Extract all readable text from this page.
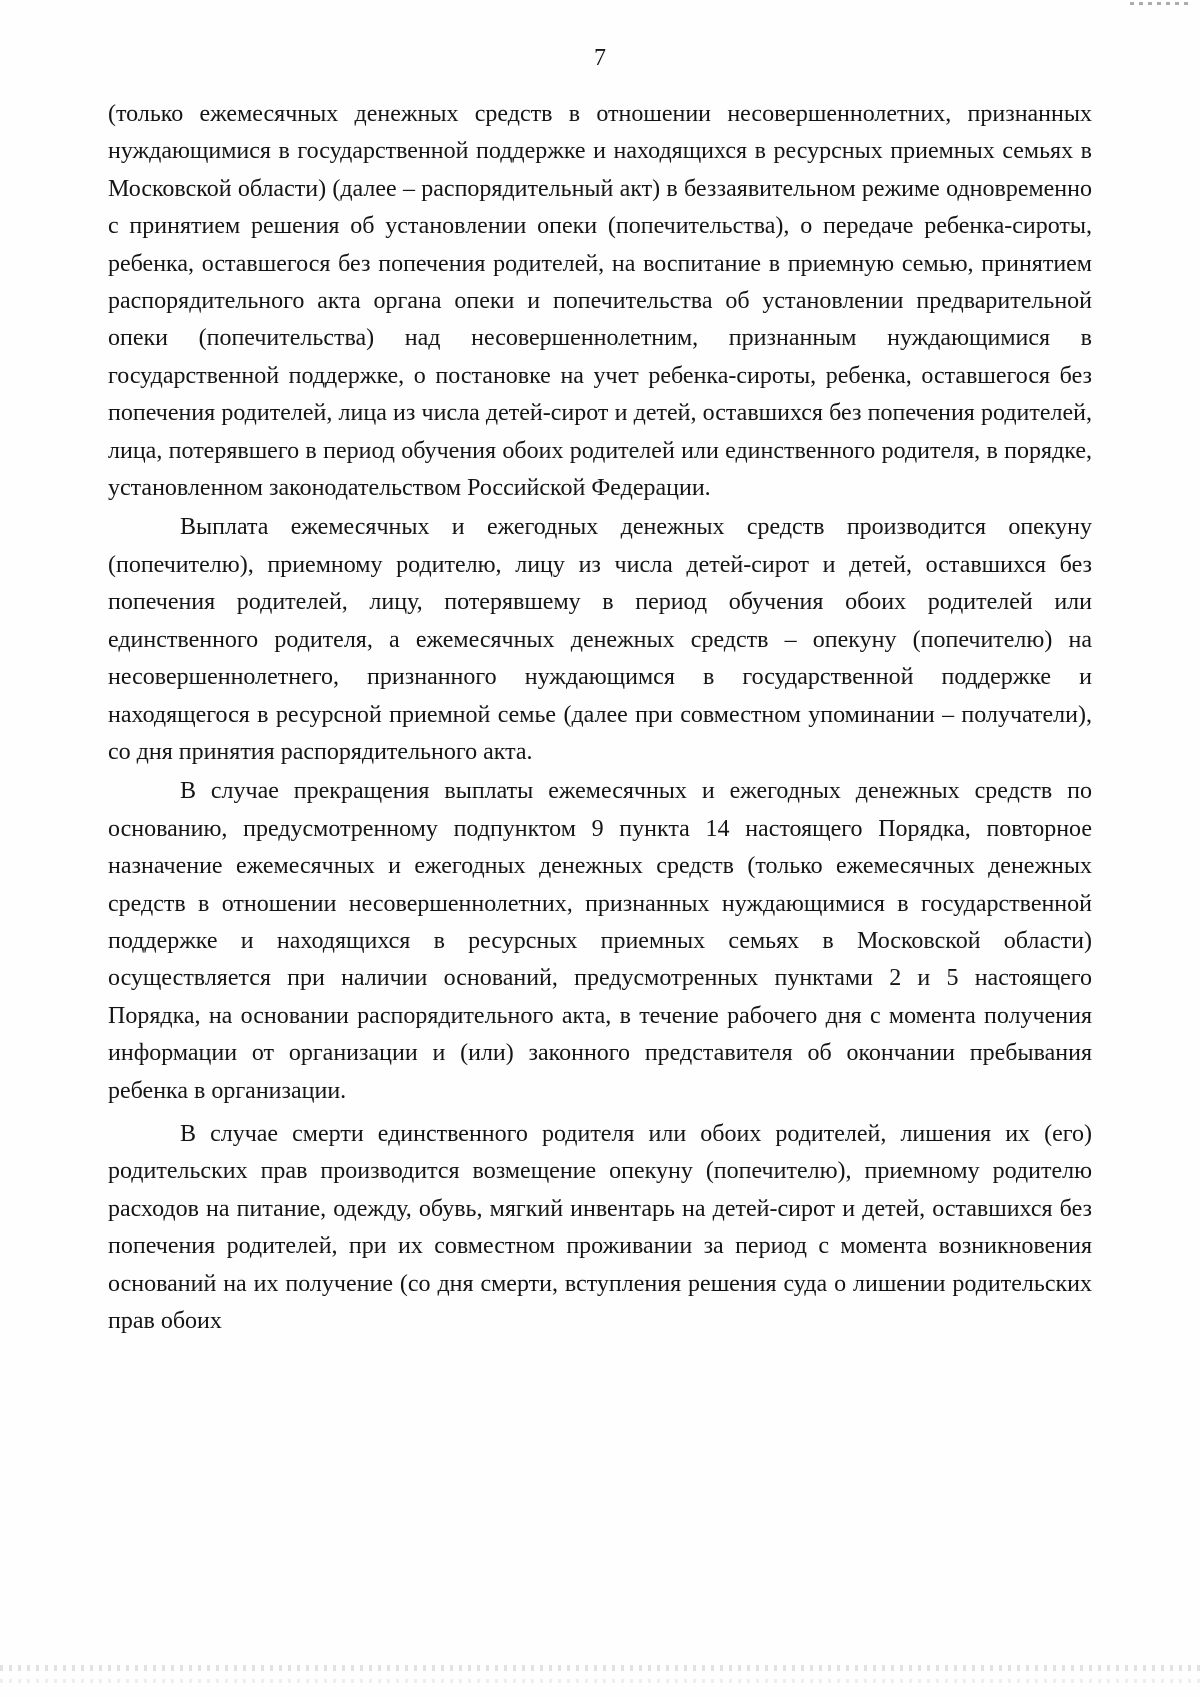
7

(только ежемесячных денежных средств в отношении несовершеннолетних, признанных нуждающимися в государственной поддержке и находящихся в ресурсных приемных семьях в Московской области) (далее – распорядительный акт) в беззаявительном режиме одновременно с принятием решения об установлении опеки (попечительства), о передаче ребенка-сироты, ребенка, оставшегося без попечения родителей, на воспитание в приемную семью, принятием распорядительного акта органа опеки и попечительства об установлении предварительной опеки (попечительства) над несовершеннолетним, признанным нуждающимися в государственной поддержке, о постановке на учет ребенка-сироты, ребенка, оставшегося без попечения родителей, лица из числа детей-сирот и детей, оставшихся без попечения родителей, лица, потерявшего в период обучения обоих родителей или единственного родителя, в порядке, установленном законодательством Российской Федерации.

Выплата ежемесячных и ежегодных денежных средств производится опекуну (попечителю), приемному родителю, лицу из числа детей-сирот и детей, оставшихся без попечения родителей, лицу, потерявшему в период обучения обоих родителей или единственного родителя, а ежемесячных денежных средств – опекуну (попечителю) на несовершеннолетнего, признанного нуждающимся в государственной поддержке и находящегося в ресурсной приемной семье (далее при совместном упоминании – получатели), со дня принятия распорядительного акта.

В случае прекращения выплаты ежемесячных и ежегодных денежных средств по основанию, предусмотренному подпунктом 9 пункта 14 настоящего Порядка, повторное назначение ежемесячных и ежегодных денежных средств (только ежемесячных денежных средств в отношении несовершеннолетних, признанных нуждающимися в государственной поддержке и находящихся в ресурсных приемных семьях в Московской области) осуществляется при наличии оснований, предусмотренных пунктами 2 и 5 настоящего Порядка, на основании распорядительного акта, в течение рабочего дня с момента получения информации от организации и (или) законного представителя об окончании пребывания ребенка в организации.

В случае смерти единственного родителя или обоих родителей, лишения их (его) родительских прав производится возмещение опекуну (попечителю), приемному родителю расходов на питание, одежду, обувь, мягкий инвентарь на детей-сирот и детей, оставшихся без попечения родителей, при их совместном проживании за период с момента возникновения оснований на их получение (со дня смерти, вступления решения суда о лишении родительских прав обоих
